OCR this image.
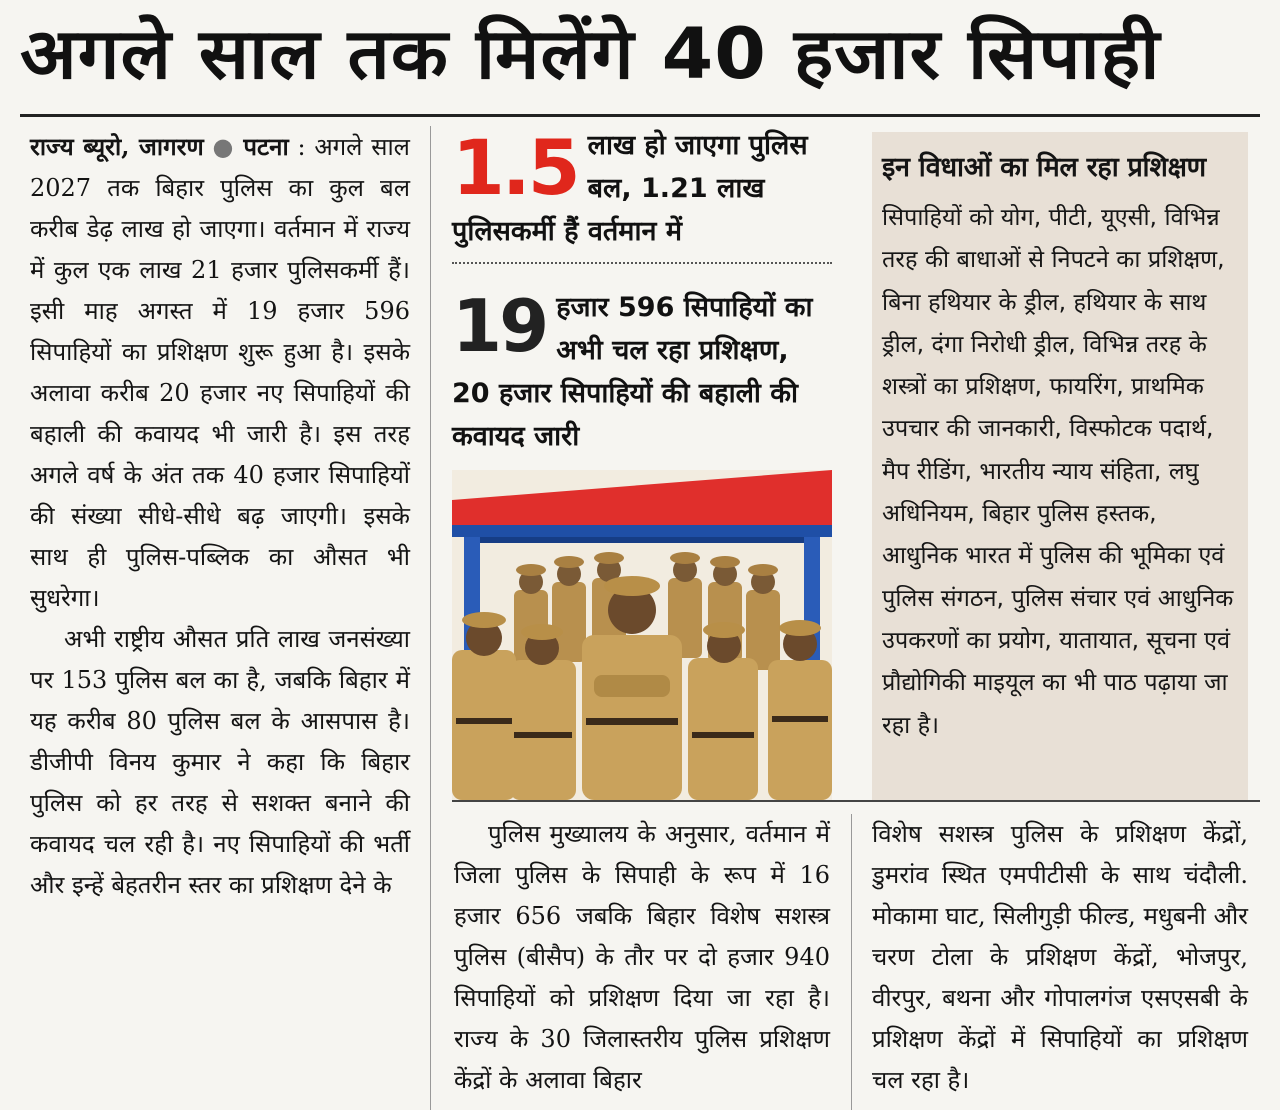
अगले साल तक मिलेंगे 40 हजार सिपाही

राज्य ब्यूरो, जागरण ● पटना : अगले साल 2027 तक बिहार पुलिस का कुल बल करीब डेढ़ लाख हो जाएगा। वर्तमान में राज्य में कुल एक लाख 21 हजार पुलिसकर्मी हैं। इसी माह अगस्त में 19 हजार 596 सिपाहियों का प्रशिक्षण शुरू हुआ है। इसके अलावा करीब 20 हजार नए सिपाहियों की बहाली की कवायद भी जारी है। इस तरह अगले वर्ष के अंत तक 40 हजार सिपाहियों की संख्या सीधे-सीधे बढ़ जाएगी। इसके साथ ही पुलिस-पब्लिक का औसत भी सुधरेगा।

अभी राष्ट्रीय औसत प्रति लाख जनसंख्या पर 153 पुलिस बल का है, जबकि बिहार में यह करीब 80 पुलिस बल के आसपास है। डीजीपी विनय कुमार ने कहा कि बिहार पुलिस को हर तरह से सशक्त बनाने की कवायद चल रही है। नए सिपाहियों की भर्ती और इन्हें बेहतरीन स्तर का प्रशिक्षण देने के

1.5 लाख हो जाएगा पुलिस बल, 1.21 लाख पुलिसकर्मी हैं वर्तमान में
19 हजार 596 सिपाहियों का अभी चल रहा प्रशिक्षण, 20 हजार सिपाहियों की बहाली की कवायद जारी
इन विधाओं का मिल रहा प्रशिक्षण

सिपाहियों को योग, पीटी, यूएसी, विभिन्न तरह की बाधाओं से निपटने का प्रशिक्षण, बिना हथियार के ड्रील, हथियार के साथ ड्रील, दंगा निरोधी ड्रील, विभिन्न तरह के शस्त्रों का प्रशिक्षण, फायरिंग, प्राथमिक उपचार की जानकारी, विस्फोटक पदार्थ, मैप रीडिंग, भारतीय न्याय संहिता, लघु अधिनियम, बिहार पुलिस हस्तक, आधुनिक भारत में पुलिस की भूमिका एवं पुलिस संगठन, पुलिस संचार एवं आधुनिक उपकरणों का प्रयोग, यातायात, सूचना एवं प्रौद्योगिकी माइयूल का भी पाठ पढ़ाया जा रहा है।

पुलिस मुख्यालय के अनुसार, वर्तमान में जिला पुलिस के सिपाही के रूप में 16 हजार 656 जबकि बिहार विशेष सशस्त्र पुलिस (बीसैप) के तौर पर दो हजार 940 सिपाहियों को प्रशिक्षण दिया जा रहा है। राज्य के 30 जिलास्तरीय पुलिस प्रशिक्षण केंद्रों के अलावा बिहार

विशेष सशस्त्र पुलिस के प्रशिक्षण केंद्रों, डुमरांव स्थित एमपीटीसी के साथ चंदौली. मोकामा घाट, सिलीगुड़ी फील्ड, मधुबनी और चरण टोला के प्रशिक्षण केंद्रों, भोजपुर, वीरपुर, बथना और गोपालगंज एसएसबी के प्रशिक्षण केंद्रों में सिपाहियों का प्रशिक्षण चल रहा है।
